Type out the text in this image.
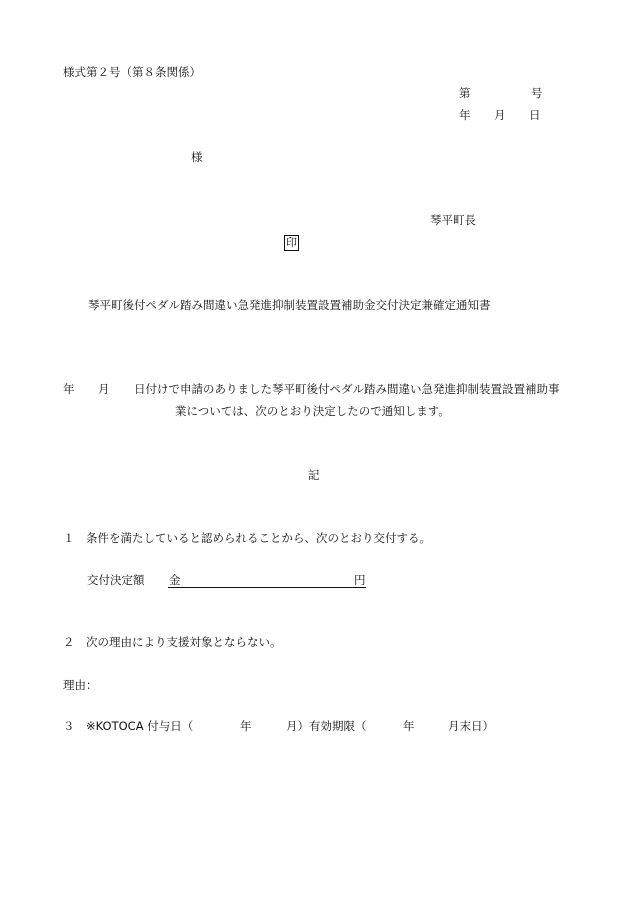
様式第２号（第８条関係）
第	号
年 月 日
様
琴平町長
印
琴平町後付ペダル踏み間違い急発進抑制装置設置補助金交付決定兼確定通知書
年 月 日付けで申請のありました琴平町後付ペダル踏み間違い急発進抑制装置設置補助事
業については、次のとおり決定したので通知します。
記
１ 条件を満たしていると認められることから、次のとおり交付する。
交付決定額 金	円
２ 次の理由により支援対象とならない。
理由：
３ ※KOTOCA 付与日（	年	月）有効期限（	年	月末日）
